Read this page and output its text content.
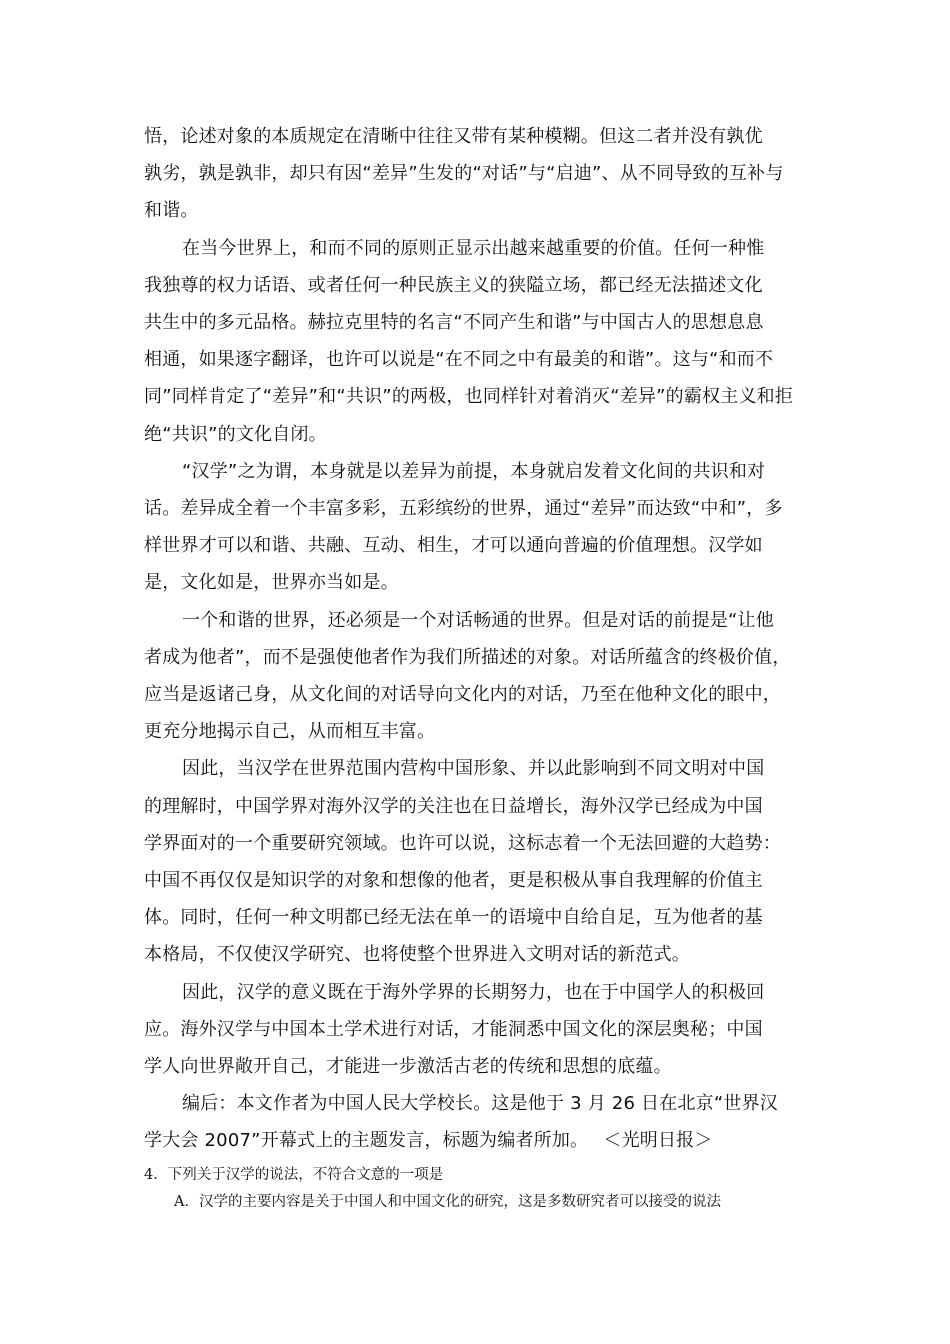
悟，论述对象的本质规定在清晰中往往又带有某种模糊。但这二者并没有孰优
孰劣，孰是孰非，却只有因“差异”生发的“对话”与“启迪”、从不同导致的互补与
和谐。

在当今世界上，和而不同的原则正显示出越来越重要的价值。任何一种惟
我独尊的权力话语、或者任何一种民族主义的狭隘立场，都已经无法描述文化
共生中的多元品格。赫拉克里特的名言“不同产生和谐”与中国古人的思想息息
相通，如果逐字翻译，也许可以说是“在不同之中有最美的和谐”。这与“和而不
同”同样肯定了“差异”和“共识”的两极，也同样针对着消灭“差异”的霸权主义和拒
绝“共识”的文化自闭。

“汉学”之为谓，本身就是以差异为前提，本身就启发着文化间的共识和对
话。差异成全着一个丰富多彩，五彩缤纷的世界，通过“差异”而达致“中和”，多
样世界才可以和谐、共融、互动、相生，才可以通向普遍的价值理想。汉学如
是，文化如是，世界亦当如是。

一个和谐的世界，还必须是一个对话畅通的世界。但是对话的前提是“让他
者成为他者”，而不是强使他者作为我们所描述的对象。对话所蕴含的终极价值，
应当是返诸己身，从文化间的对话导向文化内的对话，乃至在他种文化的眼中，
更充分地揭示自己，从而相互丰富。

因此，当汉学在世界范围内营构中国形象、并以此影响到不同文明对中国
的理解时，中国学界对海外汉学的关注也在日益增长，海外汉学已经成为中国
学界面对的一个重要研究领域。也许可以说，这标志着一个无法回避的大趋势：
中国不再仅仅是知识学的对象和想像的他者，更是积极从事自我理解的价值主
体。同时，任何一种文明都已经无法在单一的语境中自给自足，互为他者的基
本格局，不仅使汉学研究、也将使整个世界进入文明对话的新范式。

因此，汉学的意义既在于海外学界的长期努力，也在于中国学人的积极回
应。海外汉学与中国本土学术进行对话，才能洞悉中国文化的深层奥秘；中国
学人向世界敞开自己，才能进一步激活古老的传统和思想的底蕴。

编后：本文作者为中国人民大学校长。这是他于 3 月 26 日在北京“世界汉
学大会 2007”开幕式上的主题发言，标题为编者所加。　 ＜光明日报＞

4．下列关于汉学的说法，不符合文意的一项是
A．汉学的主要内容是关于中国人和中国文化的研究，这是多数研究者可以接受的说法
